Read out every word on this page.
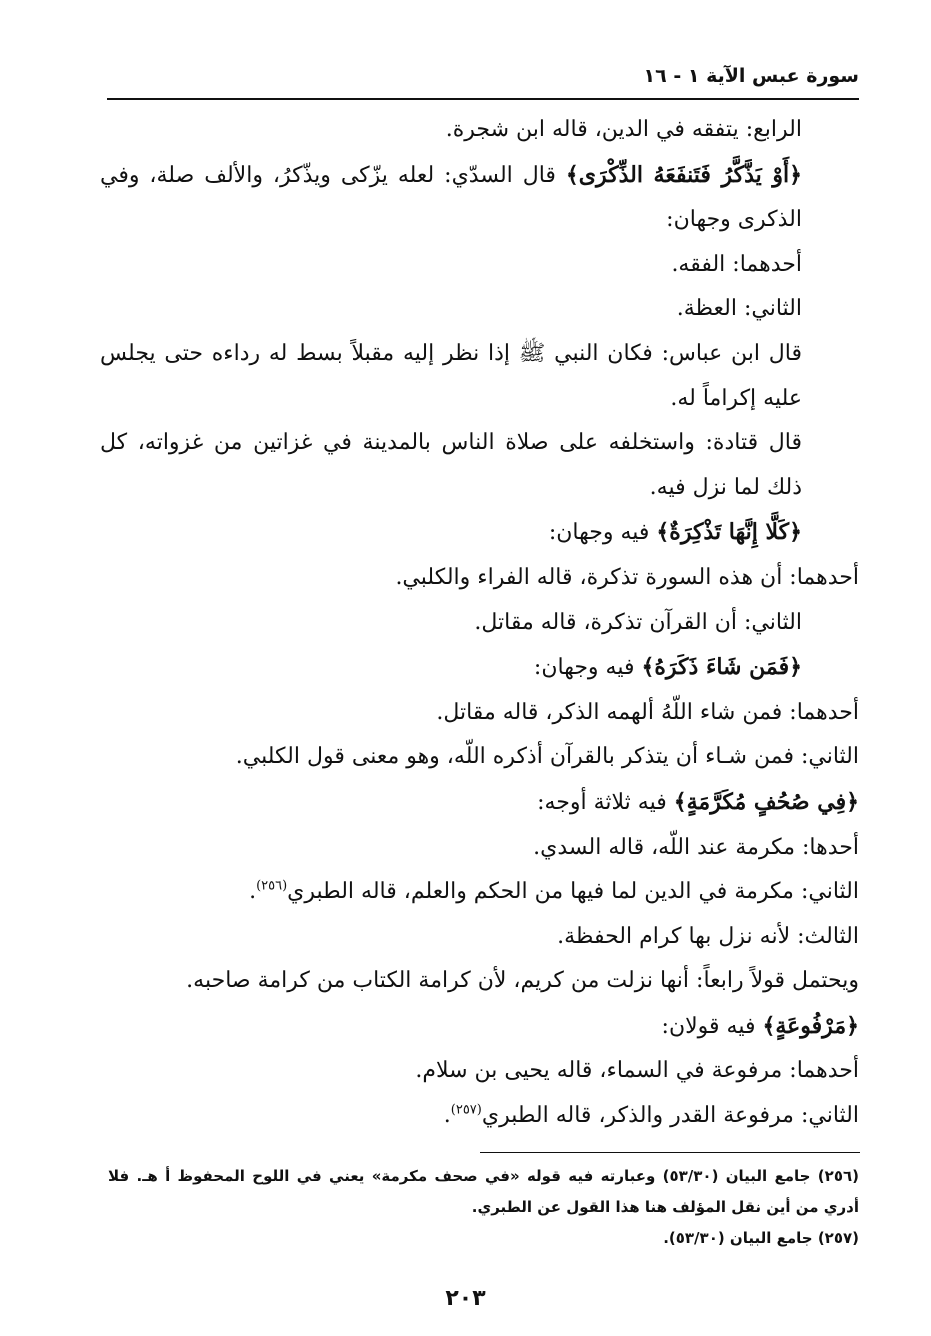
سورة عبس الآية ١ - ١٦

الرابع: يتفقه في الدين، قاله ابن شجرة.

﴿أَوْ يَذَّكَّرُ فَتَنفَعَهُ الذِّكْرَى﴾ قال السدّي: لعله يزّكى ويذّكرُ، والألف صلة، وفي الذكرى وجهان:

أحدهما: الفقه.

الثاني: العظة.

قال ابن عباس: فكان النبي ﷺ إذا نظر إليه مقبلاً بسط له رداءه حتى يجلس عليه إكراماً له.

قال قتادة: واستخلفه على صلاة الناس بالمدينة في غزاتين من غزواته، كل ذلك لما نزل فيه.

﴿كَلَّا إِنَّهَا تَذْكِرَةٌ﴾ فيه وجهان:

أحدهما: أن هذه السورة تذكرة، قاله الفراء والكلبي.

الثاني: أن القرآن تذكرة، قاله مقاتل.

﴿فَمَن شَاءَ ذَكَرَهُ﴾ فيه وجهان:

أحدهما: فمن شاء اللّهُ ألهمه الذكر، قاله مقاتل.

الثاني: فمن شـاء أن يتذكر بالقرآن أذكره اللّه، وهو معنى قول الكلبي.

﴿فِي صُحُفٍ مُكَرَّمَةٍ﴾ فيه ثلاثة أوجه:

أحدها: مكرمة عند اللّه، قاله السدي.

الثاني: مكرمة في الدين لما فيها من الحكم والعلم، قاله الطبري$^{(٢٥٦)}$.

الثالث: لأنه نزل بها كرام الحفظة.

ويحتمل قولاً رابعاً: أنها نزلت من كريم، لأن كرامة الكتاب من كرامة صاحبه.

﴿مَرْفُوعَةٍ﴾ فيه قولان:

أحدهما: مرفوعة في السماء، قاله يحيى بن سلام.

الثاني: مرفوعة القدر والذكر، قاله الطبري$^{(٢٥٧)}$.

(٢٥٦) جامع البيان (٥٣/٣٠) وعبارته فيه قوله «في صحف مكرمة» يعني في اللوح المحفوظ أ هـ. فلا أدري من أين نقل المؤلف هنا هذا القول عن الطبري.

(٢٥٧) جامع البيان (٥٣/٣٠).

٢٠٣
